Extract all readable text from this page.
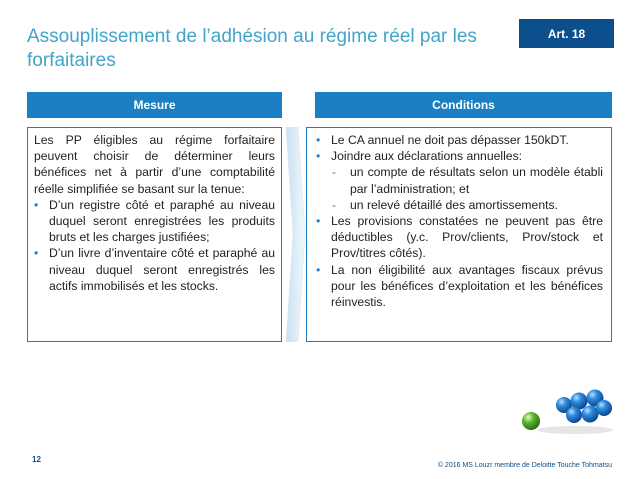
Assouplissement de l’adhésion au régime réel par les forfaitaires
Art. 18
Mesure	Conditions
Les PP éligibles au régime forfaitaire peuvent choisir de déterminer leurs bénéfices net à partir d’une comptabilité réelle simplifiée se basant sur la tenue:
• D’un registre côté et paraphé au niveau duquel seront enregistrées les produits bruts et les charges justifiées;
• D’un livre d’inventaire côté et paraphé au niveau duquel seront enregistrés les actifs immobilisés et les stocks.
• Le CA annuel ne doit pas dépasser 150kDT.
• Joindre aux déclarations annuelles:
- un compte de résultats selon un modèle établi par l’administration; et
- un relevé détaillé des amortissements.
• Les provisions constatées ne peuvent pas être déductibles (y.c. Prov/clients, Prov/stock et Prov/titres côtés).
• La non éligibilité aux avantages fiscaux prévus pour les bénéfices d’exploitation et les bénéfices réinvestis.
12
© 2016 MS Louzr membre de Deloitte Touche Tohmatsu
